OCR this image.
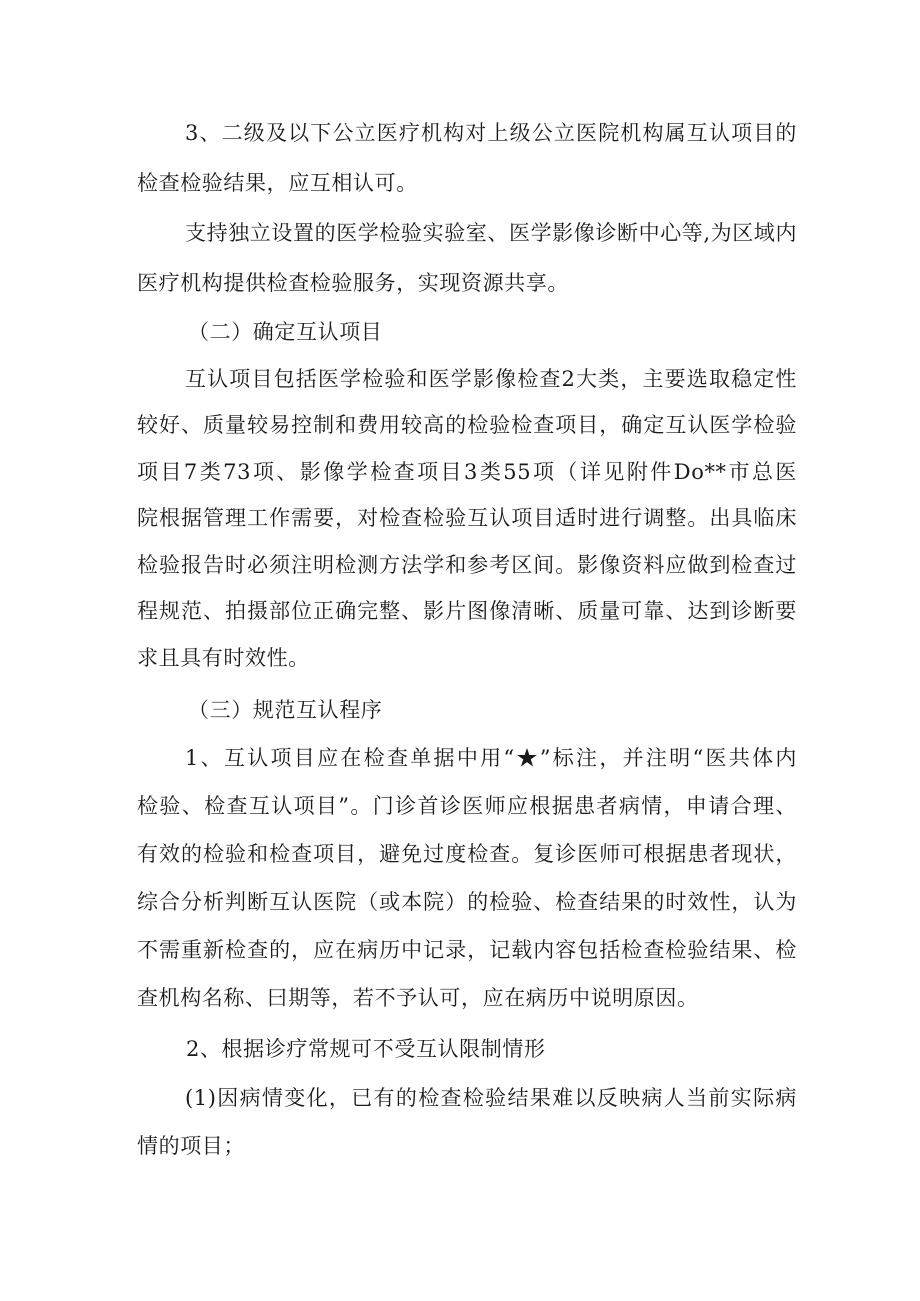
3、二级及以下公立医疗机构对上级公立医院机构属互认项目的
检查检验结果，应互相认可。
支持独立设置的医学检验实验室、医学影像诊断中心等,为区域内
医疗机构提供检查检验服务，实现资源共享。
（二）确定互认项目
互认项目包括医学检验和医学影像检查2大类，主要选取稳定性
较好、质量较易控制和费用较高的检验检查项目，确定互认医学检验
项目7类73项、影像学检查项目3类55项（详见附件Do**市总医
院根据管理工作需要，对检查检验互认项目适时进行调整。出具临床
检验报告时必须注明检测方法学和参考区间。影像资料应做到检查过
程规范、拍摄部位正确完整、影片图像清晰、质量可靠、达到诊断要
求且具有时效性。
（三）规范互认程序
1、互认项目应在检查单据中用“★”标注，并注明“医共体内
检验、检查互认项目”。门诊首诊医师应根据患者病情，申请合理、
有效的检验和检查项目，避免过度检查。复诊医师可根据患者现状，
综合分析判断互认医院（或本院）的检验、检查结果的时效性，认为
不需重新检查的，应在病历中记录，记载内容包括检查检验结果、检
查机构名称、曰期等，若不予认可，应在病历中说明原因。
2、根据诊疗常规可不受互认限制情形
(1)因病情变化，已有的检查检验结果难以反映病人当前实际病
情的项目；
